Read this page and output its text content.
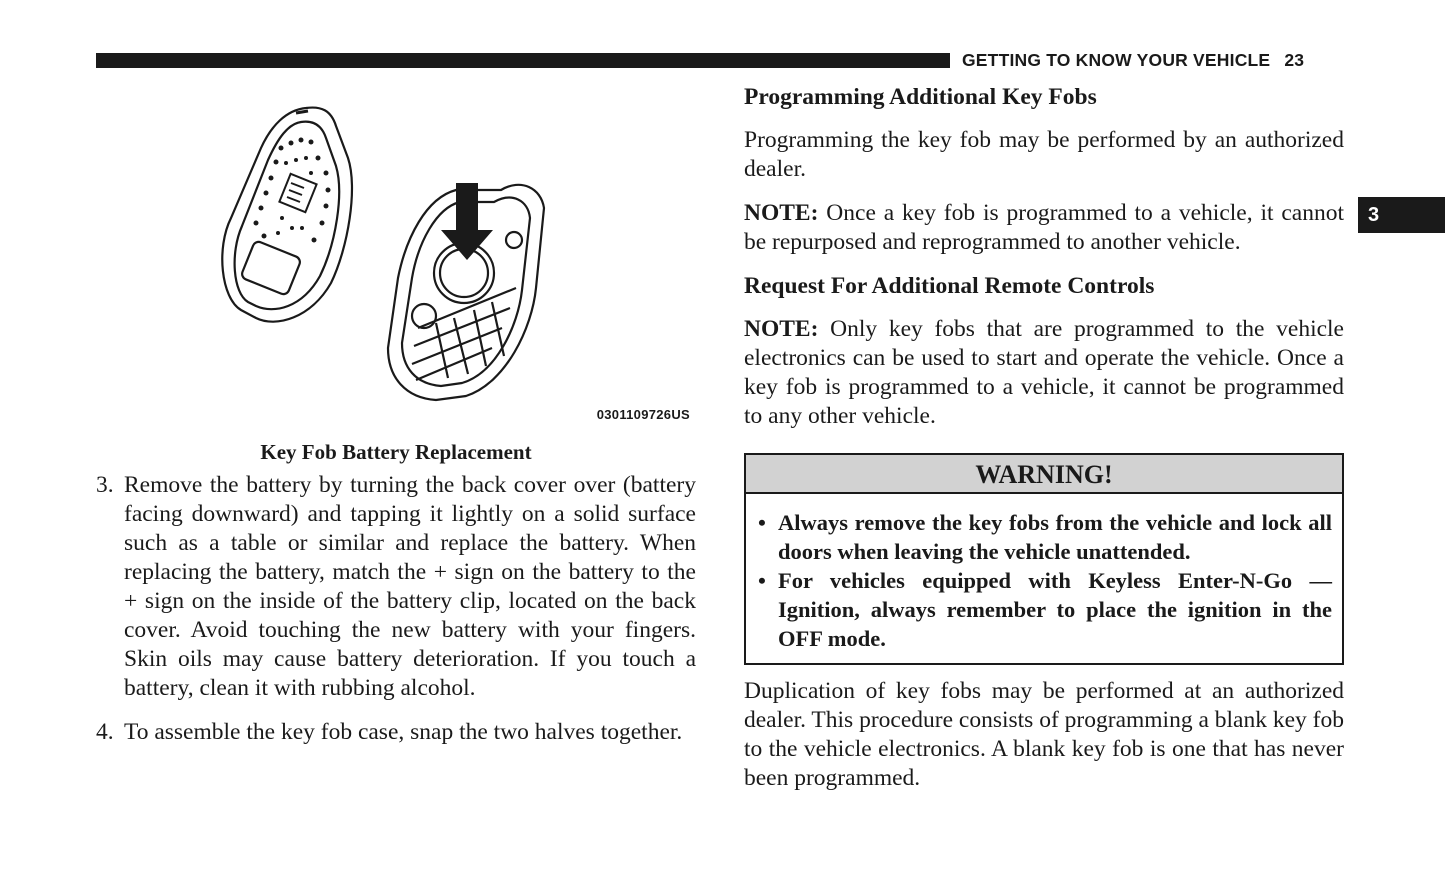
GETTING TO KNOW YOUR VEHICLE 23
3
0301109726US
Key Fob Battery Replacement
3. Remove the battery by turning the back cover over (battery facing downward) and tapping it lightly on a solid surface such as a table or similar and replace the battery. When replacing the battery, match the + sign on the battery to the + sign on the inside of the battery clip, located on the back cover. Avoid touching the new battery with your fingers. Skin oils may cause battery deterioration. If you touch a battery, clean it with rubbing alcohol.
4. To assemble the key fob case, snap the two halves together.
Programming Additional Key Fobs

Programming the key fob may be performed by an authorized dealer.

NOTE: Once a key fob is programmed to a vehicle, it cannot be repurposed and reprogrammed to another vehicle.

Request For Additional Remote Controls

NOTE: Only key fobs that are programmed to the vehicle electronics can be used to start and operate the vehicle. Once a key fob is programmed to a vehicle, it cannot be programmed to any other vehicle.

WARNING!
• Always remove the key fobs from the vehicle and lock all doors when leaving the vehicle unattended.
• For vehicles equipped with Keyless Enter-N-Go — Ignition, always remember to place the ignition in the OFF mode.

Duplication of key fobs may be performed at an authorized dealer. This procedure consists of programming a blank key fob to the vehicle electronics. A blank key fob is one that has never been programmed.
